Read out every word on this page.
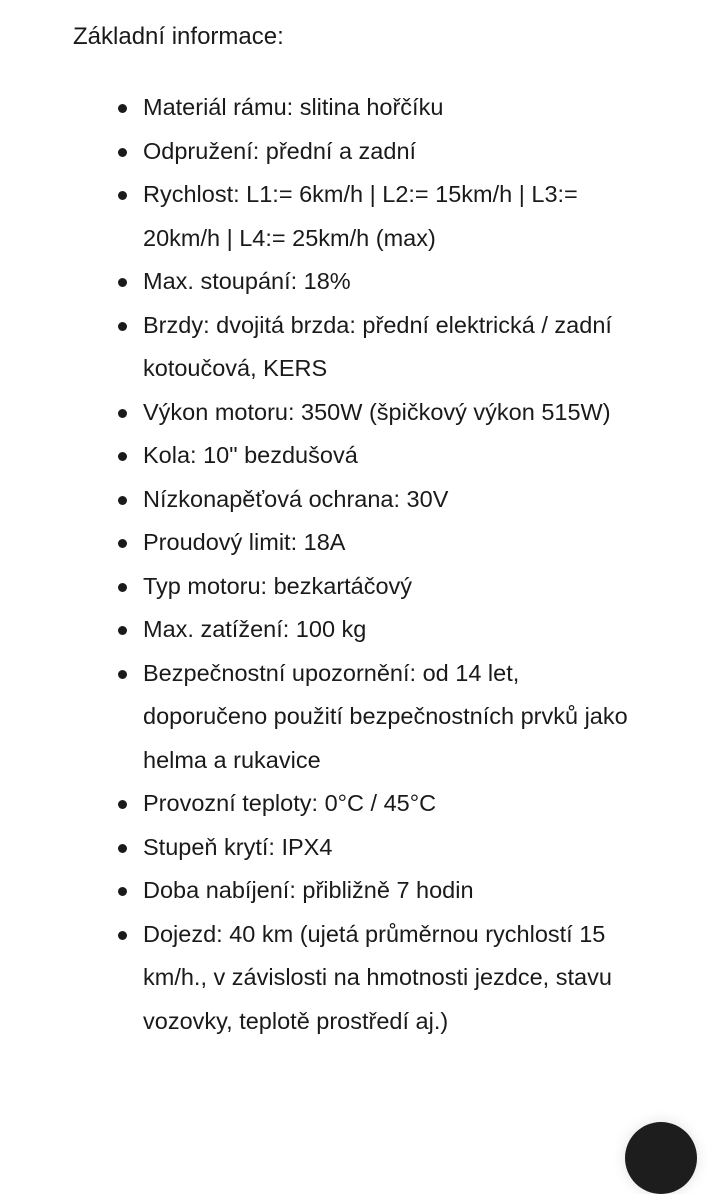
Základní informace:
Materiál rámu: slitina hořčíku
Odpružení: přední a zadní
Rychlost: L1:= 6km/h | L2:= 15km/h | L3:= 20km/h | L4:= 25km/h (max)
Max. stoupání: 18%
Brzdy: dvojitá brzda: přední elektrická / zadní kotoučová, KERS
Výkon motoru: 350W (špičkový výkon 515W)
Kola: 10" bezdušová
Nízkonapěťová ochrana: 30V
Proudový limit: 18A
Typ motoru: bezkartáčový
Max. zatížení: 100 kg
Bezpečnostní upozornění: od 14 let, doporučeno použití bezpečnostních prvků jako helma a rukavice
Provozní teploty: 0°C / 45°C
Stupeň krytí: IPX4
Doba nabíjení: přibližně 7 hodin
Dojezd: 40 km (ujetá průměrnou rychlostí 15 km/h., v závislosti na hmotnosti jezdce, stavu vozovky, teplotě prostředí aj.)
